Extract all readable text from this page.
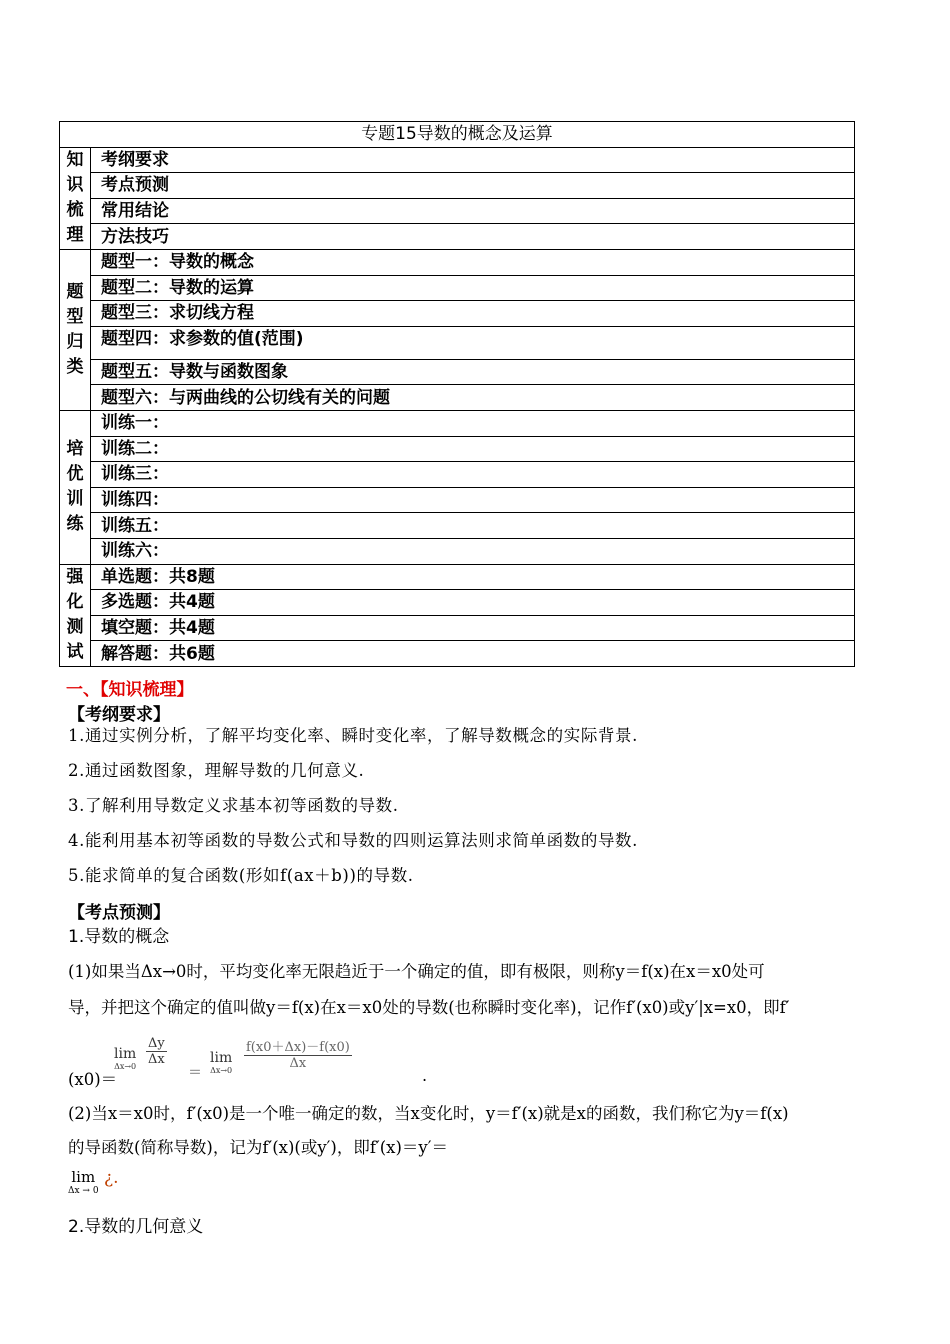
专题15导数的概念及运算	

知
识
梳
理	考纲要求
	考点预测
	常用结论
	方法技巧

题
型
归
类	题型一：导数的概念
	题型二：导数的运算
	题型三：求切线方程
	题型四：求参数的值(范围)
	题型五：导数与函数图象
	题型六：与两曲线的公切线有关的问题

培
优
训
练	训练一：
	训练二：
	训练三：
	训练四：
	训练五：
	训练六：

强
化
测
试	单选题：共8题
	多选题：共4题
	填空题：共4题
	解答题：共6题
一、【知识梳理】
【考纲要求】
1.通过实例分析，了解平均变化率、瞬时变化率，了解导数概念的实际背景.
2.通过函数图象，理解导数的几何意义.
3.了解利用导数定义求基本初等函数的导数.
4.能利用基本初等函数的导数公式和导数的四则运算法则求简单函数的导数.
5.能求简单的复合函数(形如f(ax＋b))的导数.
【考点预测】
1.导数的概念
(1)如果当Δx→0时，平均变化率无限趋近于一个确定的值，即有极限，则称y＝f(x)在x＝x0处可
导，并把这个确定的值叫做y＝f(x)在x＝x0处的导数(也称瞬时变化率)，记作f′(x0)或y′|x=x0，即f′
(x0)＝
lim
$\Delta x\to 0 \frac{\Delta y}{\Delta x}$
＝
lim
$\Delta x\to 0 \frac{f(x0+\Delta x)-f(x0)}{\Delta x}$
.
(2)当x＝x0时，f′(x0)是一个唯一确定的数，当x变化时，y＝f′(x)就是x的函数，我们称它为y＝f(x)
的导函数(简称导数)，记为f′(x)(或y′)，即f′(x)＝y′＝
lim
Δx → 0
¿.
2.导数的几何意义
